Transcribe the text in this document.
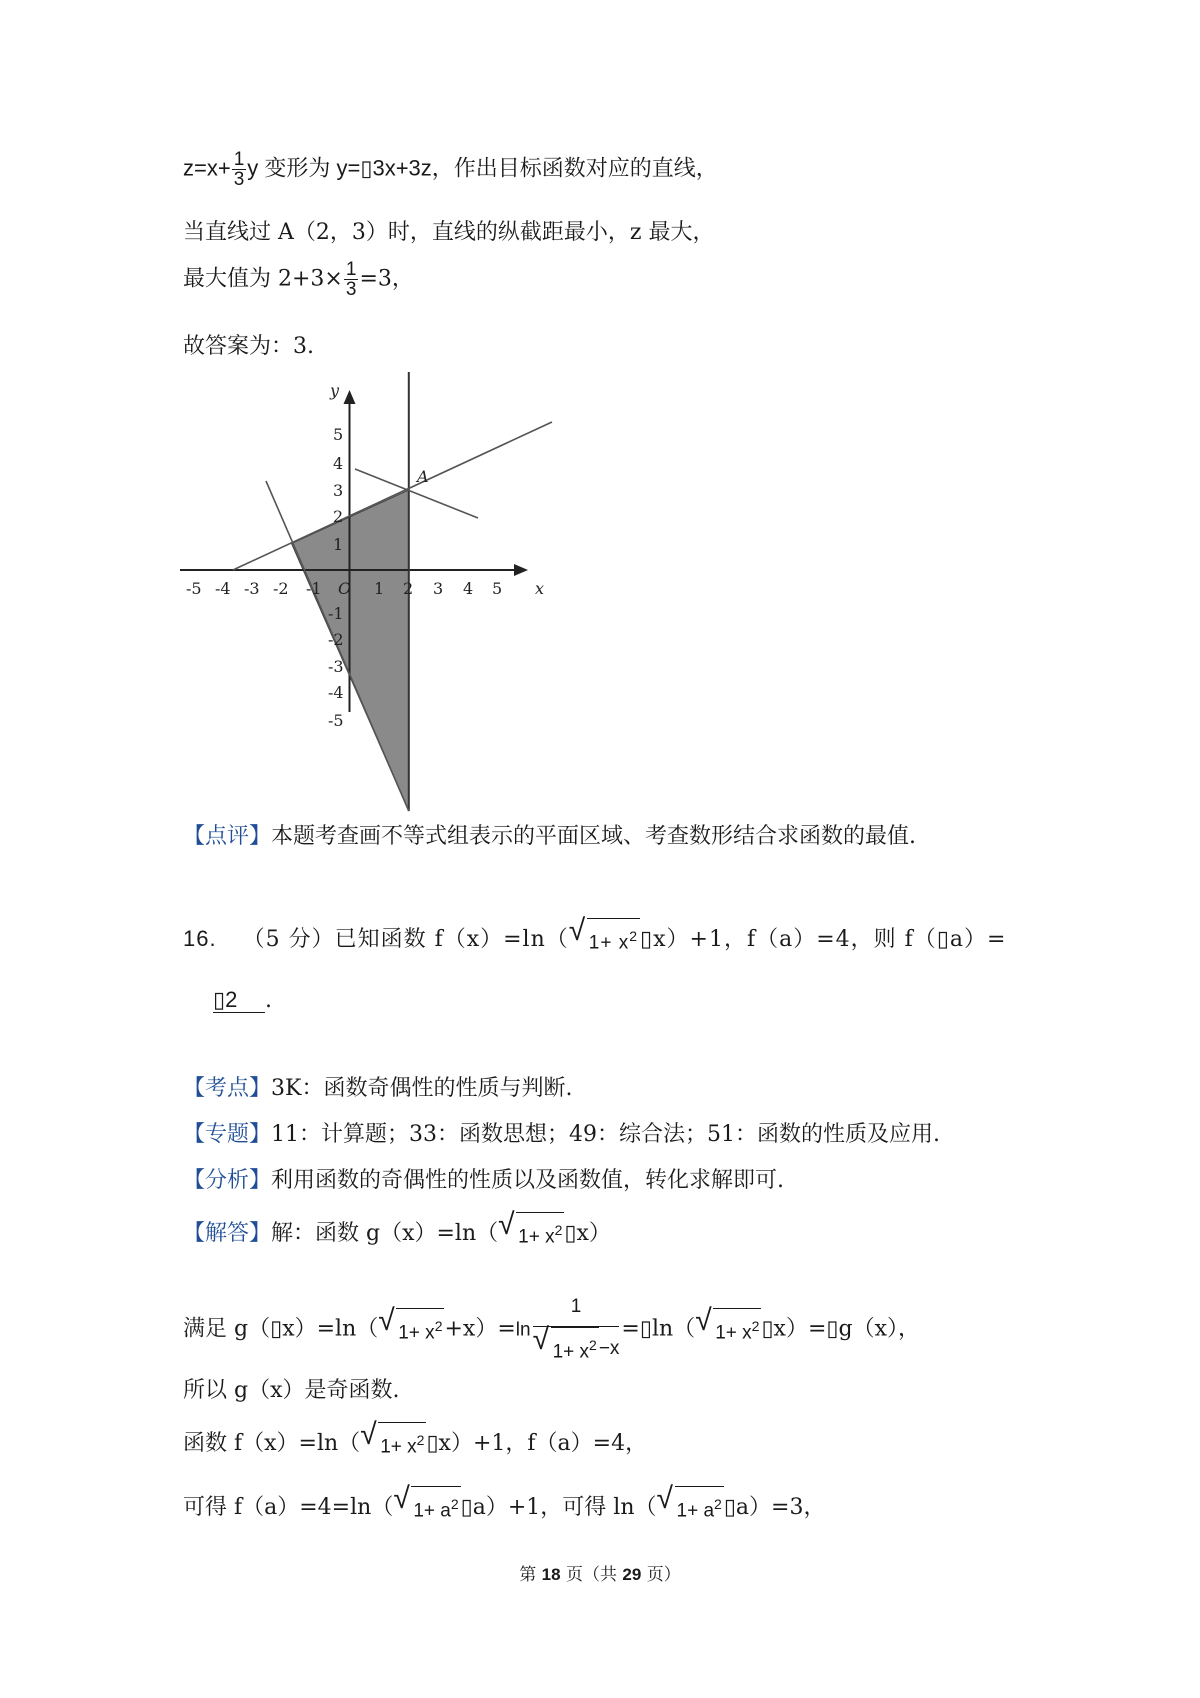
$z=x+ \frac{1}{3}$ y 变形为 y=▯3x+3z，作出目标函数对应的直线，
当直线过 A（2，3）时，直线的纵截距最小，z 最大，
最大值为 $2+3\times \frac{1}{3} =3$，
故答案为：3.
-5 -4 -3 -2 -1	1 2 3 4 5
5
4
3
2
1
-1
-2
-3
-4
-5
x
y
O
A
【点评】本题考查画不等式组表示的平面区域、考查数形结合求函数的最值.
16. （5 分）已知函数 f（x）=ln（ √ $1+ x^2▯x)+1$，f（a）=4，则 f（▯a）=
▯2 .
【考点】3K：函数奇偶性的性质与判断.
【专题】11：计算题；33：函数思想；49：综合法；51：函数的性质及应用.
【分析】利用函数的奇偶性的性质以及函数值，转化求解即可.
【解答】解：函数 g（x）=ln（ √ $1+ x^2▯x$）
满足 g（▯x）=ln（ √ $1+ x^2+x)=\ln$ 1
√ $1+ x^2 -x$ =▯ln（ √ $1+ x^2▯x)=▯g(x)$，
所以 g（x）是奇函数.
函数 f（x）=ln（ √ $1+ x^2▯x)+1$，f（a）=4，
可得 f（a）=4=ln（ √ $1+ a^2▯a)+1$，可得 ln（ √ $1+ a^2▯a)=3$，
第 18 页（共 29 页）
